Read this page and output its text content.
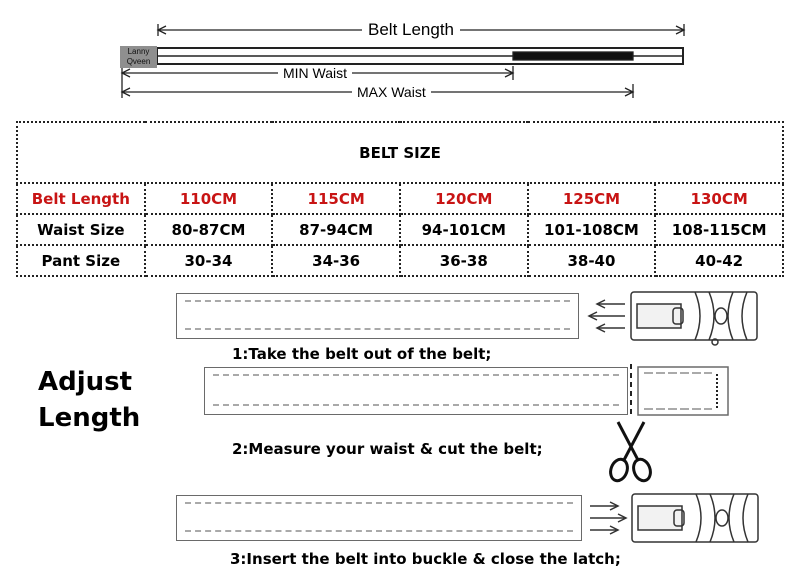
Belt Length
MIN Waist
MAX Waist
Lanny
Qveen
BELT SIZE					
Belt Length	110CM	115CM	120CM	125CM	130CM
Waist Size	80-87CM	87-94CM	94-101CM	101-108CM	108-115CM
Pant Size	30-34	34-36	36-38	38-40	40-42
Adjust
Length
1:Take the belt out of the belt;
2:Measure your waist & cut the belt;
3:Insert the belt into buckle & close the latch;
